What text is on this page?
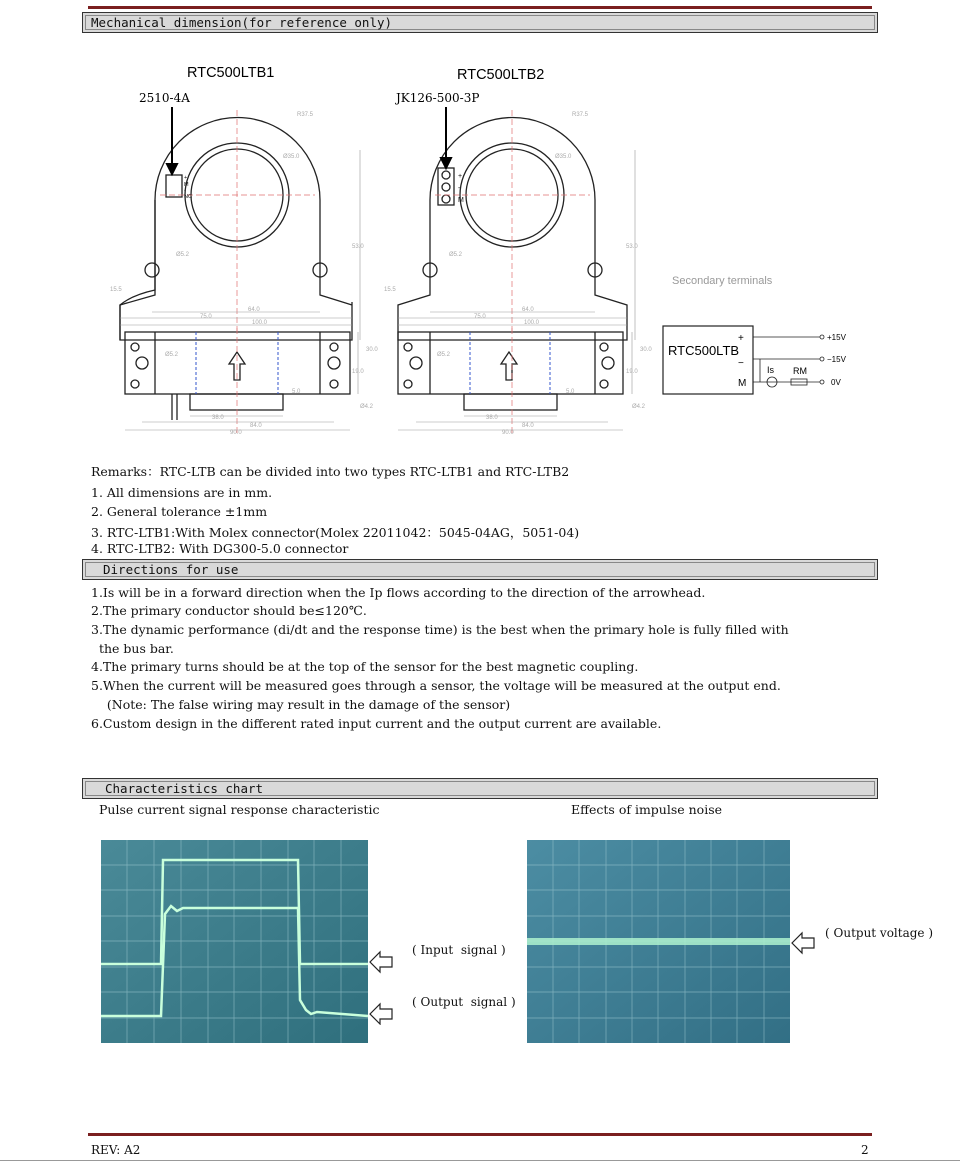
Mechanical dimension(for reference only)
R37.5
Ø35.0
Ø5.2
53.0
15.5
75.0
64.0
100.0
Ø5.2
30.0
19.0
5.0
Ø4.2
38.0
84.0
90.0
R37.5
Ø35.0
Ø5.2
53.0
15.5
75.0
64.0
100.0
Ø5.2
30.0
19.0
5.0
Ø4.2
38.0
84.0
90.0
+
M
-
NC
+
-
M
RTC500LTB1	RTC500LTB2
2510-4A	JK126-500-3P
Secondary terminals
RTC500LTB
+
−
M
Is RM
+15V
−15V
0V
Remarks：RTC-LTB can be divided into two types RTC-LTB1 and RTC-LTB2
1. All dimensions are in mm.
2. General tolerance ±1mm
3. RTC-LTB1:With Molex connector(Molex 22011042：5045-04AG，5051-04)
4. RTC-LTB2: With DG300-5.0 connector
Directions for use
1.Is will be in a forward direction when the Ip flows according to the direction of the arrowhead.
2.The primary conductor should be≤120℃.
3.The dynamic performance (di/dt and the response time) is the best when the primary hole is fully filled with
the bus bar.
4.The primary turns should be at the top of the sensor for the best magnetic coupling.
5.When the current will be measured goes through a sensor, the voltage will be measured at the output end.
(Note: The false wiring may result in the damage of the sensor)
6.Custom design in the different rated input current and the output current are available.
Characteristics chart
Pulse current signal response characteristic	Effects of impulse noise
( Input  signal )
( Output  signal )
( Output voltage )
REV: A2	2
